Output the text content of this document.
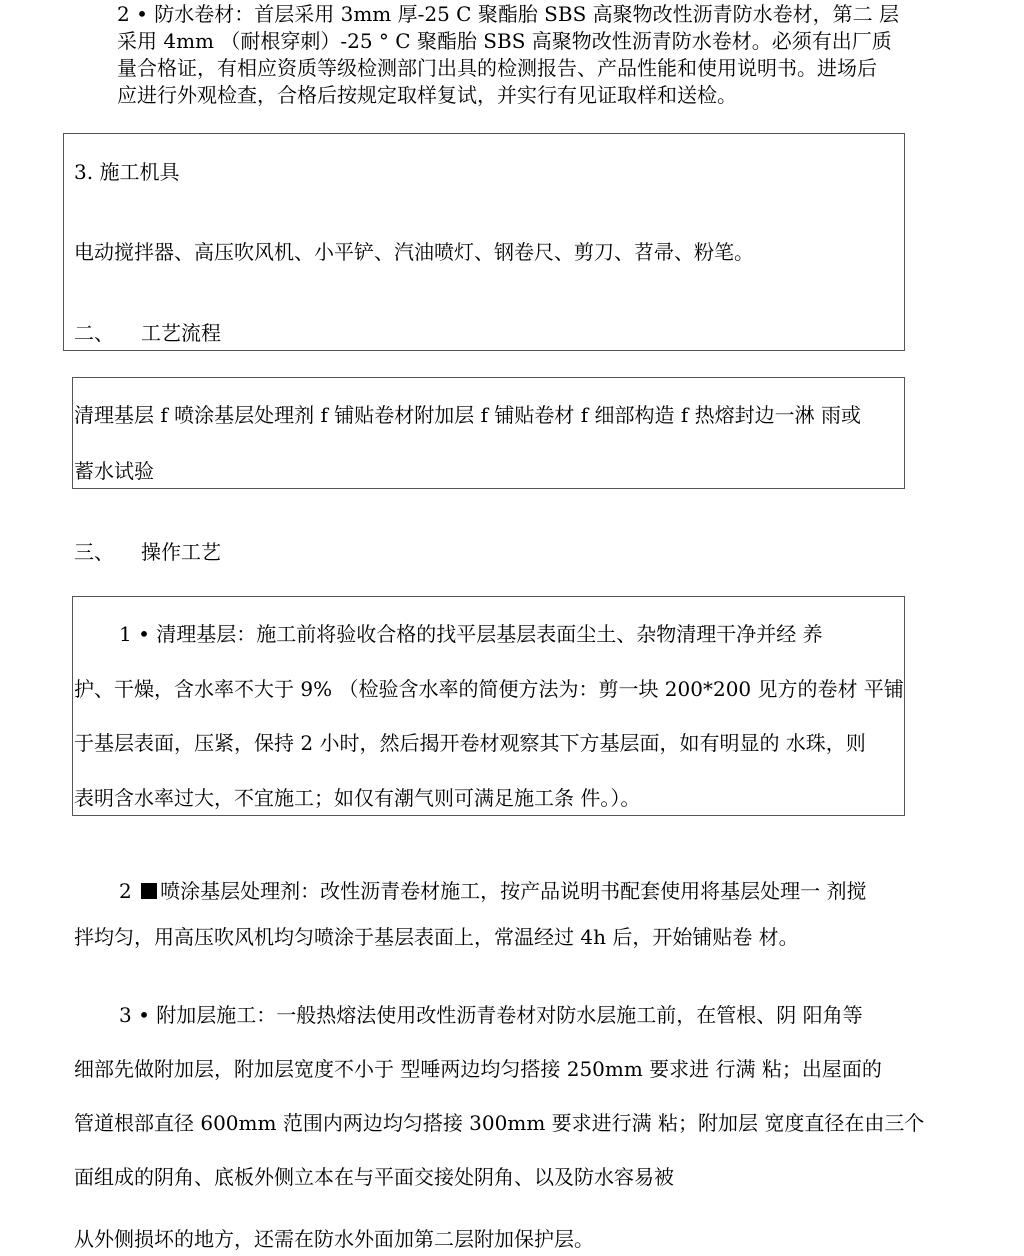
2 • 防水卷材：首层采用 3mm 厚-25 C 聚酯胎 SBS 高聚物改性沥青防水卷材，第二 层
采用 4mm （耐根穿刺）-25 ° C 聚酯胎 SBS 高聚物改性沥青防水卷材。必须有出厂质
量合格证，有相应资质等级检测部门出具的检测报告、产品性能和使用说明书。进场后
应进行外观检查，合格后按规定取样复试，并实行有见证取样和送检。
3. 施工机具
电动搅拌器、高压吹风机、小平铲、汽油喷灯、钢卷尺、剪刀、苕帚、粉笔。
二、 工艺流程
清理基层 f 喷涂基层处理剂 f 铺贴卷材附加层 f 铺贴卷材 f 细部构造 f 热熔封边一淋 雨或
蓄水试验
三、 操作工艺
1 • 清理基层：施工前将验收合格的找平层基层表面尘土、杂物清理干净并经 养
护、干燥，含水率不大于 9% （检验含水率的简便方法为：剪一块 200*200 见方的卷材 平铺
于基层表面，压紧，保持 2 小时，然后揭开卷材观察其下方基层面，如有明显的 水珠，则
表明含水率过大，不宜施工；如仅有潮气则可满足施工条 件。）。
2 喷涂基层处理剂：改性沥青卷材施工，按产品说明书配套使用将基层处理一 剂搅
拌均匀，用高压吹风机均匀喷涂于基层表面上，常温经过 4h 后，开始铺贴卷 材。
3 • 附加层施工：一般热熔法使用改性沥青卷材对防水层施工前，在管根、阴 阳角等
细部先做附加层，附加层宽度不小于 型唾两边均匀搭接 250mm 要求进 行满 粘；出屋面的
管道根部直径 600mm 范围内两边均匀搭接 300mm 要求进行满 粘；附加层 宽度直径在由三个
面组成的阴角、底板外侧立本在与平面交接处阴角、以及防水容易被
从外侧损坏的地方，还需在防水外面加第二层附加保护层。
